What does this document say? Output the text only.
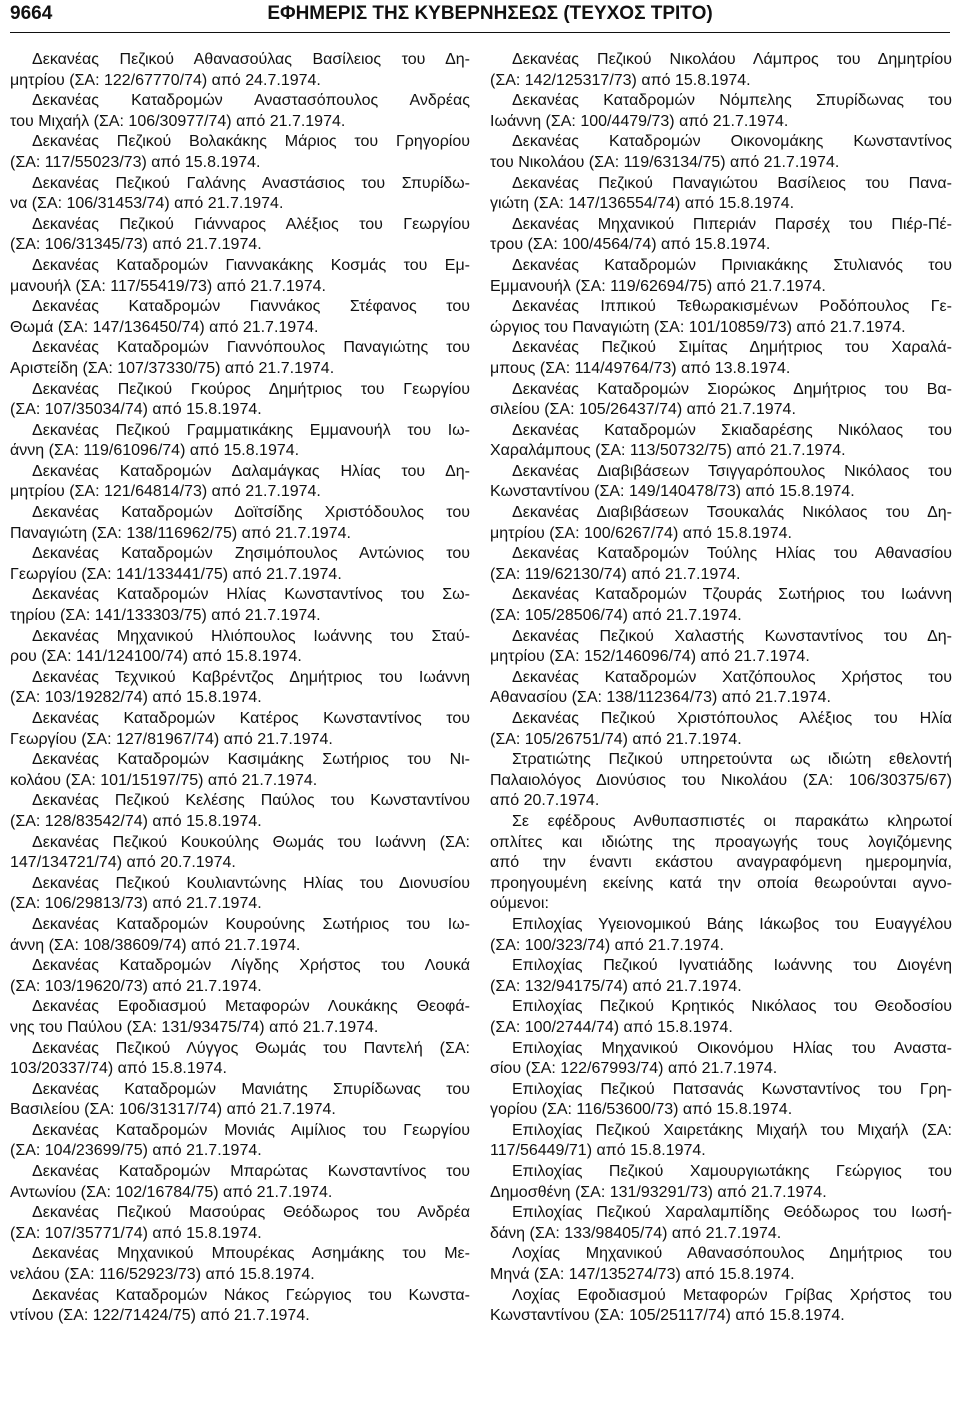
9664	ΕΦΗΜΕΡΙΣ ΤΗΣ ΚΥΒΕΡΝΗΣΕΩΣ (ΤΕΥΧΟΣ ΤΡΙΤΟ)
Δεκανέας Πεζικού Αθανασούλας Βασίλειος του Δη-
μητρίου (ΣΑ: 122/67770/74) από 24.7.1974.
Δεκανέας Καταδρομών Αναστασόπουλος Ανδρέας
του Μιχαήλ (ΣΑ: 106/30977/74) από 21.7.1974.
Δεκανέας Πεζικού Βολακάκης Μάριος του Γρηγορίου
(ΣΑ: 117/55023/73) από 15.8.1974.
Δεκανέας Πεζικού Γαλάνης Αναστάσιος του Σπυρίδω-
να (ΣΑ: 106/31453/74) από 21.7.1974.
Δεκανέας Πεζικού Γιάνναρος Αλέξιος του Γεωργίου
(ΣΑ: 106/31345/73) από 21.7.1974.
Δεκανέας Καταδρομών Γιαννακάκης Κοσμάς του Εμ-
μανουήλ (ΣΑ: 117/55419/73) από 21.7.1974.
Δεκανέας Καταδρομών Γιαννάκος Στέφανος του
Θωμά (ΣΑ: 147/136450/74) από 21.7.1974.
Δεκανέας Καταδρομών Γιαννόπουλος Παναγιώτης του
Αριστείδη (ΣΑ: 107/37330/75) από 21.7.1974.
Δεκανέας Πεζικού Γκούρος Δημήτριος του Γεωργίου
(ΣΑ: 107/35034/74) από 15.8.1974.
Δεκανέας Πεζικού Γραμματικάκης Εμμανουήλ του Ιω-
άννη (ΣΑ: 119/61096/74) από 15.8.1974.
Δεκανέας Καταδρομών Δαλαμάγκας Ηλίας του Δη-
μητρίου (ΣΑ: 121/64814/73) από 21.7.1974.
Δεκανέας Καταδρομών Δοϊτσίδης Χριστόδουλος του
Παναγιώτη (ΣΑ: 138/116962/75) από 21.7.1974.
Δεκανέας Καταδρομών Ζησιμόπουλος Αντώνιος του
Γεωργίου (ΣΑ: 141/133441/75) από 21.7.1974.
Δεκανέας Καταδρομών Ηλίας Κωνσταντίνος του Σω-
τηρίου (ΣΑ: 141/133303/75) από 21.7.1974.
Δεκανέας Μηχανικού Ηλιόπουλος Ιωάννης του Σταύ-
ρου (ΣΑ: 141/124100/74) από 15.8.1974.
Δεκανέας Τεχνικού Καβρέντζος Δημήτριος του Ιωάννη
(ΣΑ: 103/19282/74) από 15.8.1974.
Δεκανέας Καταδρομών Κατέρος Κωνσταντίνος του
Γεωργίου (ΣΑ: 127/81967/74) από 21.7.1974.
Δεκανέας Καταδρομών Κασιμάκης Σωτήριος του Νι-
κολάου (ΣΑ: 101/15197/75) από 21.7.1974.
Δεκανέας Πεζικού Κελέσης Παύλος του Κωνσταντίνου
(ΣΑ: 128/83542/74) από 15.8.1974.
Δεκανέας Πεζικού Κουκούλης Θωμάς του Ιωάννη (ΣΑ:
147/134721/74) από 20.7.1974.
Δεκανέας Πεζικού Κουλιαντώνης Ηλίας του Διονυσίου
(ΣΑ: 106/29813/73) από 21.7.1974.
Δεκανέας Καταδρομών Κουρούνης Σωτήριος του Ιω-
άννη (ΣΑ: 108/38609/74) από 21.7.1974.
Δεκανέας Καταδρομών Λίγδης Χρήστος του Λουκά
(ΣΑ: 103/19620/73) από 21.7.1974.
Δεκανέας Εφοδιασμού Μεταφορών Λουκάκης Θεοφά-
νης του Παύλου (ΣΑ: 131/93475/74) από 21.7.1974.
Δεκανέας Πεζικού Λύγγος Θωμάς του Παντελή (ΣΑ:
103/20337/74) από 15.8.1974.
Δεκανέας Καταδρομών Μανιάτης Σπυρίδωνας του
Βασιλείου (ΣΑ: 106/31317/74) από 21.7.1974.
Δεκανέας Καταδρομών Μονιάς Αιμίλιος του Γεωργίου
(ΣΑ: 104/23699/75) από 21.7.1974.
Δεκανέας Καταδρομών Μπαρώτας Κωνσταντίνος του
Αντωνίου (ΣΑ: 102/16784/75) από 21.7.1974.
Δεκανέας Πεζικού Μασούρας Θεόδωρος του Ανδρέα
(ΣΑ: 107/35771/74) από 15.8.1974.
Δεκανέας Μηχανικού Μπουρέκας Ασημάκης του Με-
νελάου (ΣΑ: 116/52923/73) από 15.8.1974.
Δεκανέας Καταδρομών Νάκος Γεώργιος του Κωνστα-
ντίνου (ΣΑ: 122/71424/75) από 21.7.1974.
Δεκανέας Πεζικού Νικολάου Λάμπρος του Δημητρίου
(ΣΑ: 142/125317/73) από 15.8.1974.
Δεκανέας Καταδρομών Νόμπελης Σπυρίδωνας του
Ιωάννη (ΣΑ: 100/4479/73) από 21.7.1974.
Δεκανέας Καταδρομών Οικονομάκης Κωνσταντίνος
του Νικολάου (ΣΑ: 119/63134/75) από 21.7.1974.
Δεκανέας Πεζικού Παναγιώτου Βασίλειος του Πανα-
γιώτη (ΣΑ: 147/136554/74) από 15.8.1974.
Δεκανέας Μηχανικού Πιπεριάν Παρσέχ του Πιέρ-Πέ-
τρου (ΣΑ: 100/4564/74) από 15.8.1974.
Δεκανέας Καταδρομών Πρινιακάκης Στυλιανός του
Εμμανουήλ (ΣΑ: 119/62694/75) από 21.7.1974.
Δεκανέας Ιππικού Τεθωρακισμένων Ροδόπουλος Γε-
ώργιος του Παναγιώτη (ΣΑ: 101/10859/73) από 21.7.1974.
Δεκανέας Πεζικού Σιμίτας Δημήτριος του Χαραλά-
μπους (ΣΑ: 114/49764/73) από 13.8.1974.
Δεκανέας Καταδρομών Σιορώκος Δημήτριος του Βα-
σιλείου (ΣΑ: 105/26437/74) από 21.7.1974.
Δεκανέας Καταδρομών Σκιαδαρέσης Νικόλαος του
Χαραλάμπους (ΣΑ: 113/50732/75) από 21.7.1974.
Δεκανέας Διαβιβάσεων Τσιγγαρόπουλος Νικόλαος του
Κωνσταντίνου (ΣΑ: 149/140478/73) από 15.8.1974.
Δεκανέας Διαβιβάσεων Τσουκαλάς Νικόλαος του Δη-
μητρίου (ΣΑ: 100/6267/74) από 15.8.1974.
Δεκανέας Καταδρομών Τούλης Ηλίας του Αθανασίου
(ΣΑ: 119/62130/74) από 21.7.1974.
Δεκανέας Καταδρομών Τζουράς Σωτήριος του Ιωάννη
(ΣΑ: 105/28506/74) από 21.7.1974.
Δεκανέας Πεζικού Χαλαστής Κωνσταντίνος του Δη-
μητρίου (ΣΑ: 152/146096/74) από 21.7.1974.
Δεκανέας Καταδρομών Χατζόπουλος Χρήστος του
Αθανασίου (ΣΑ: 138/112364/73) από 21.7.1974.
Δεκανέας Πεζικού Χριστόπουλος Αλέξιος του Ηλία
(ΣΑ: 105/26751/74) από 21.7.1974.
Στρατιώτης Πεζικού υπηρετούντα ως ιδιώτη εθελοντή
Παλαιολόγος Διονύσιος του Νικολάου (ΣΑ: 106/30375/67)
από 20.7.1974.
Σε εφέδρους Ανθυπασπιστές οι παρακάτω κληρωτοί
οπλίτες και ιδιώτης της προαγωγής τους λογιζόμενης
από την έναντι εκάστου αναγραφόμενη ημερομηνία,
προηγουμένη εκείνης κατά την οποία θεωρούνται αγνο-
ούμενοι:
Επιλοχίας Υγειονομικού Βάης Ιάκωβος του Ευαγγέλου
(ΣΑ: 100/323/74) από 21.7.1974.
Επιλοχίας Πεζικού Ιγνατιάδης Ιωάννης του Διογένη
(ΣΑ: 132/94175/74) από 21.7.1974.
Επιλοχίας Πεζικού Κρητικός Νικόλαος του Θεοδοσίου
(ΣΑ: 100/2744/74) από 15.8.1974.
Επιλοχίας Μηχανικού Οικονόμου Ηλίας του Αναστα-
σίου (ΣΑ: 122/67993/74) από 21.7.1974.
Επιλοχίας Πεζικού Πατσανάς Κωνσταντίνος του Γρη-
γορίου (ΣΑ: 116/53600/73) από 15.8.1974.
Επιλοχίας Πεζικού Χαιρετάκης Μιχαήλ του Μιχαήλ (ΣΑ:
117/56449/71) από 15.8.1974.
Επιλοχίας Πεζικού Χαμουργιωτάκης Γεώργιος του
Δημοσθένη (ΣΑ: 131/93291/73) από 21.7.1974.
Επιλοχίας Πεζικού Χαραλαμπίδης Θεόδωρος του Ιωσή-
δάνη (ΣΑ: 133/98405/74) από 21.7.1974.
Λοχίας Μηχανικού Αθανασόπουλος Δημήτριος του
Μηνά (ΣΑ: 147/135274/73) από 15.8.1974.
Λοχίας Εφοδιασμού Μεταφορών Γρίβας Χρήστος του
Κωνσταντίνου (ΣΑ: 105/25117/74) από 15.8.1974.
